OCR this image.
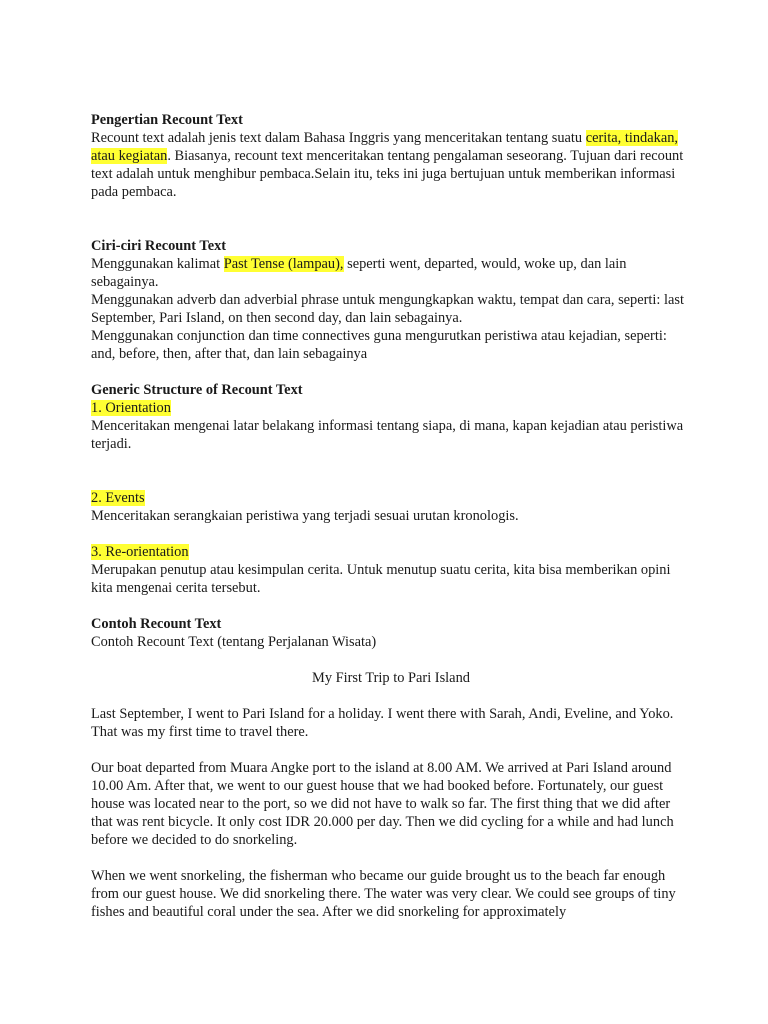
Pengertian Recount Text
Recount text adalah jenis text dalam Bahasa Inggris yang menceritakan tentang suatu cerita, tindakan, atau kegiatan. Biasanya, recount text menceritakan tentang pengalaman seseorang. Tujuan dari recount text adalah untuk menghibur pembaca.Selain itu, teks ini juga bertujuan untuk memberikan informasi pada pembaca.
Ciri-ciri Recount Text
Menggunakan kalimat Past Tense (lampau), seperti went, departed, would, woke up, dan lain sebagainya.
Menggunakan adverb dan adverbial phrase untuk mengungkapkan waktu, tempat dan cara, seperti: last September, Pari Island, on then second day, dan lain sebagainya.
Menggunakan conjunction dan time connectives guna mengurutkan peristiwa atau kejadian, seperti: and, before, then, after that, dan lain sebagainya
Generic Structure of Recount Text
1. Orientation
Menceritakan mengenai latar belakang informasi tentang siapa, di mana, kapan kejadian atau peristiwa terjadi.
2. Events
Menceritakan serangkaian peristiwa yang terjadi sesuai urutan kronologis.
3. Re-orientation
Merupakan penutup atau kesimpulan cerita. Untuk menutup suatu cerita, kita bisa memberikan opini kita mengenai cerita tersebut.
Contoh Recount Text
Contoh Recount Text (tentang Perjalanan Wisata)
My First Trip to Pari Island
Last September, I went to Pari Island for a holiday. I went there with Sarah, Andi, Eveline, and Yoko. That was my first time to travel there.
Our boat departed from Muara Angke port to the island at 8.00 AM. We arrived at Pari Island around 10.00 Am. After that, we went to our guest house that we had booked before. Fortunately, our guest house was located near to the port, so we did not have to walk so far. The first thing that we did after that was rent bicycle. It only cost IDR 20.000 per day. Then we did cycling for a while and had lunch before we decided to do snorkeling.
When we went snorkeling, the fisherman who became our guide brought us to the beach far enough from our guest house. We did snorkeling there. The water was very clear. We could see groups of tiny fishes and beautiful coral under the sea. After we did snorkeling for approximately
